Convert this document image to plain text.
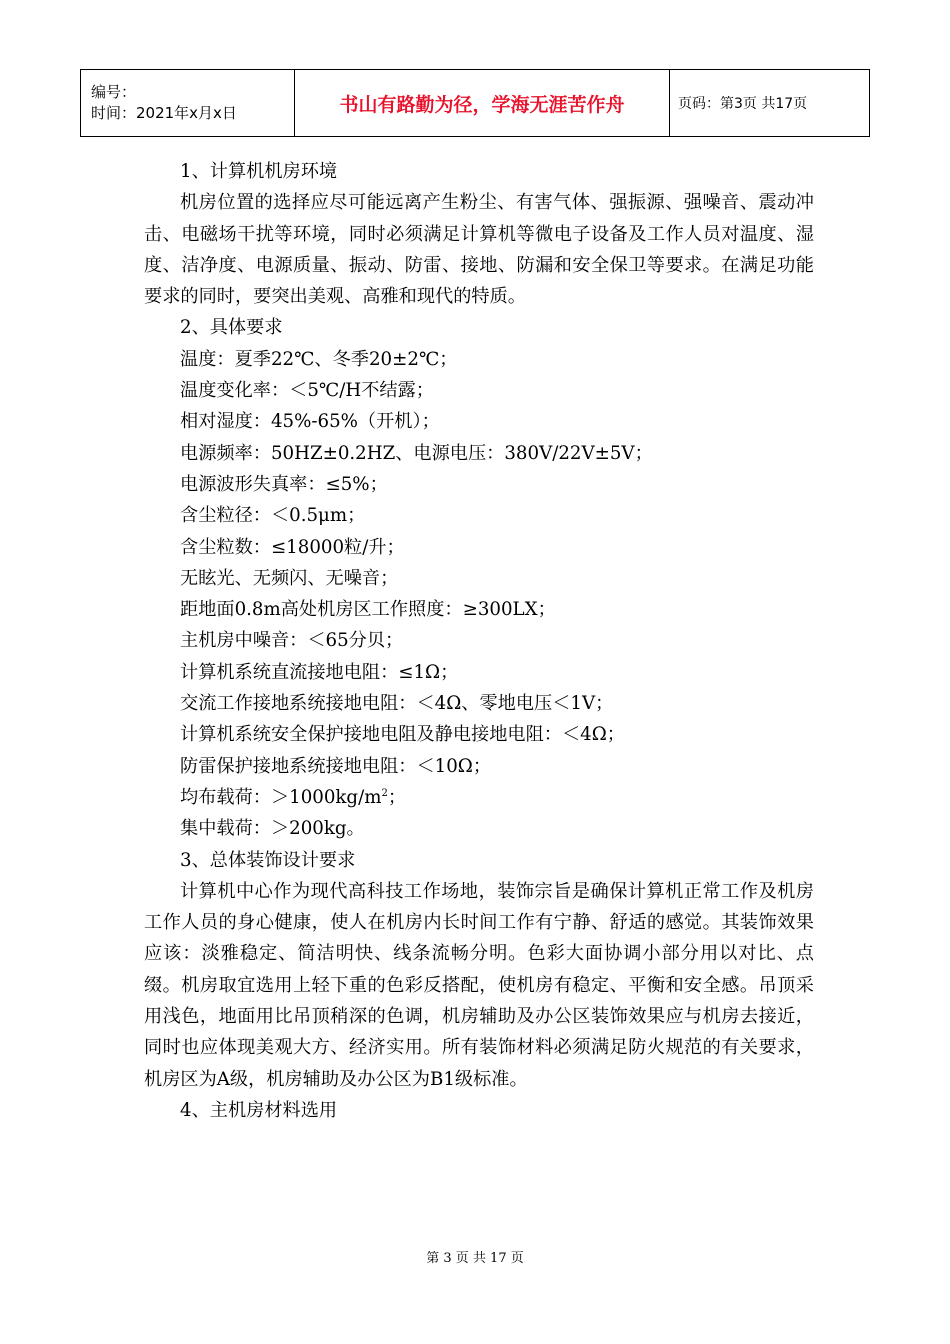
编号：
时间：2021年x月x日	书山有路勤为径，学海无涯苦作舟	页码：第3页 共17页

1、计算机机房环境

机房位置的选择应尽可能远离产生粉尘、有害气体、强振源、强噪音、震动冲击、电磁场干扰等环境，同时必须满足计算机等微电子设备及工作人员对温度、湿度、洁净度、电源质量、振动、防雷、接地、防漏和安全保卫等要求。在满足功能要求的同时，要突出美观、高雅和现代的特质。

2、具体要求

温度：夏季22℃、冬季20±2℃；

温度变化率：＜5℃/H不结露；

相对湿度：45%-65%（开机）；

电源频率：50HZ±0.2HZ、电源电压：380V/22V±5V；

电源波形失真率：≤5%；

含尘粒径：＜0.5μm；

含尘粒数：≤18000粒/升；

无眩光、无频闪、无噪音；

距地面0.8m高处机房区工作照度：≥300LX；

主机房中噪音：＜65分贝；

计算机系统直流接地电阻：≤1Ω；

交流工作接地系统接地电阻：＜4Ω、零地电压＜1V；

计算机系统安全保护接地电阻及静电接地电阻：＜4Ω；

防雷保护接地系统接地电阻：＜10Ω；

均布载荷：$>1000kg/m^2$；

集中载荷：＞200kg。

3、总体装饰设计要求

计算机中心作为现代高科技工作场地，装饰宗旨是确保计算机正常工作及机房工作人员的身心健康，使人在机房内长时间工作有宁静、舒适的感觉。其装饰效果应该：淡雅稳定、简洁明快、线条流畅分明。色彩大面协调小部分用以对比、点缀。机房取宜选用上轻下重的色彩反搭配，使机房有稳定、平衡和安全感。吊顶采用浅色，地面用比吊顶稍深的色调，机房辅助及办公区装饰效果应与机房去接近，同时也应体现美观大方、经济实用。所有装饰材料必须满足防火规范的有关要求，机房区为A级，机房辅助及办公区为B1级标准。

4、主机房材料选用

第 3 页 共 17 页
